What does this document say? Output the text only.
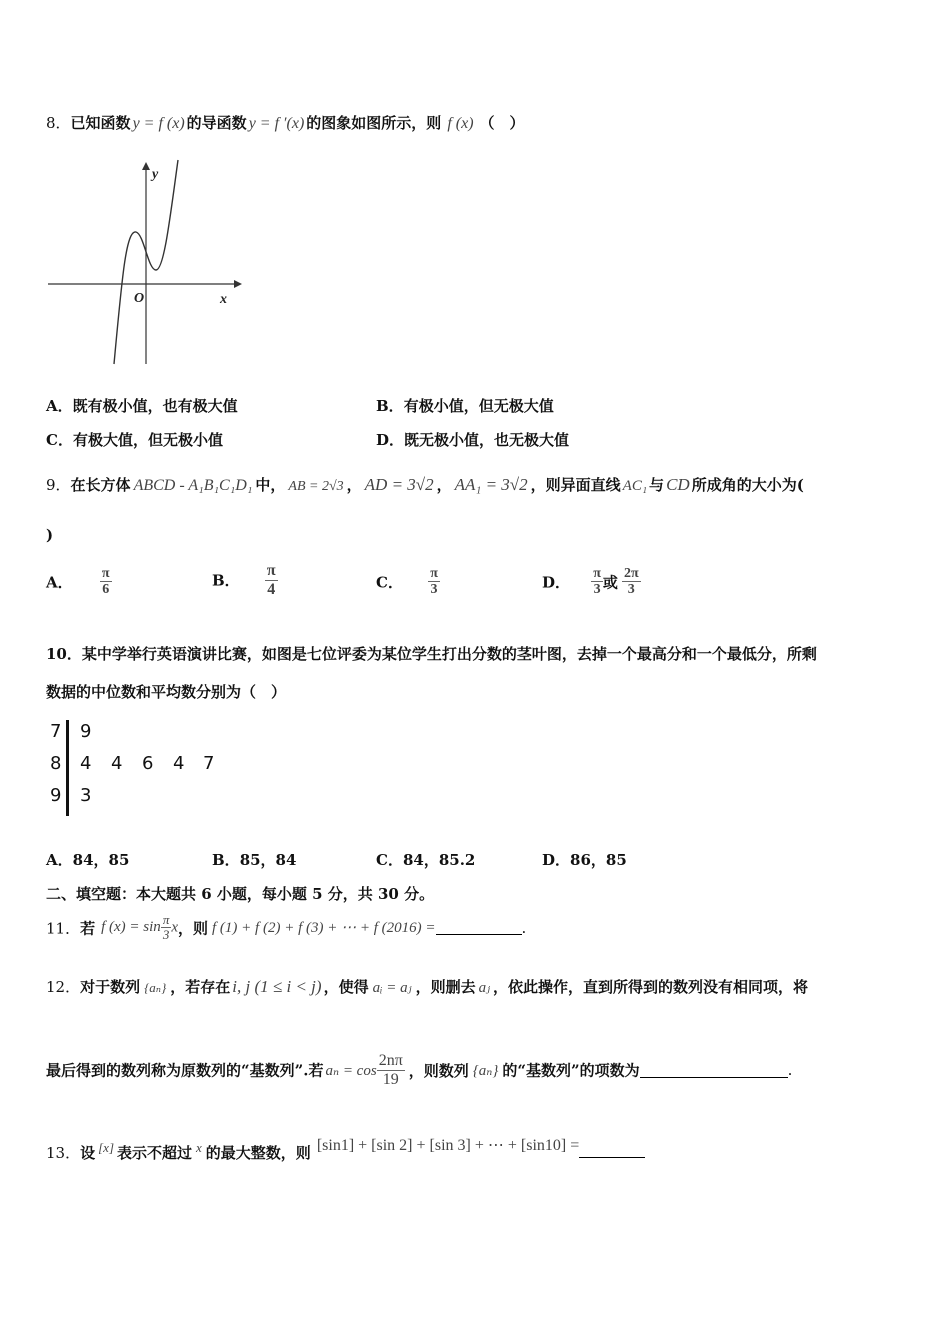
8．已知函数 y = f (x) 的导函数 y = f ′(x) 的图象如图所示，则 f (x) （　）
y
x
O
A．既有极小值，也有极大值	B．有极小值，但无极大值
C．有极大值，但无极小值	D．既无极小值，也无极大值
9．在长方体 ABCD - A₁B₁C₁D₁ 中， AB = 2√3 ， AD = 3√2 ， AA₁ = 3√2 ，则异面直线 AC₁ 与 CD 所成角的大小为(
)
A． $\frac{\pi}{6}$	B． $\frac{\pi}{4}$	C． $\frac{\pi}{3}$	D． $\frac{\pi}{3}$ 或 $\frac{2\pi}{3}$
10．某中学举行英语演讲比赛，如图是七位评委为某位学生打出分数的茎叶图，去掉一个最高分和一个最低分，所剩
数据的中位数和平均数分别为（　）
7 9
8 4 4 6 4 7
9 3
A．84，85	B．85，84	C．84，85.2	D．86，85
二、填空题：本大题共 6 小题，每小题 5 分，共 30 分。
11．若 f $(x) = \sin \frac{\pi}{3}$ x，则 f (1) + f (2) + f (3) + ⋯ + f (2016) =	.
12．对于数列 {aₙ} ，若存在 i, j (1 ≤ i < j) ，使得 aᵢ = aⱼ ，则删去 aⱼ ，依此操作，直到所得到的数列没有相同项，将
最后得到的数列称为原数列的“基数列”.若 $a_n = \cos \frac{2n\pi}{19}$ ，则数列 {aₙ} 的“基数列”的项数为	.
13．设 [x] 表示不超过 x 的最大整数，则 [sin1] + [sin 2] + [sin 3] + ⋯ + [sin10] =
